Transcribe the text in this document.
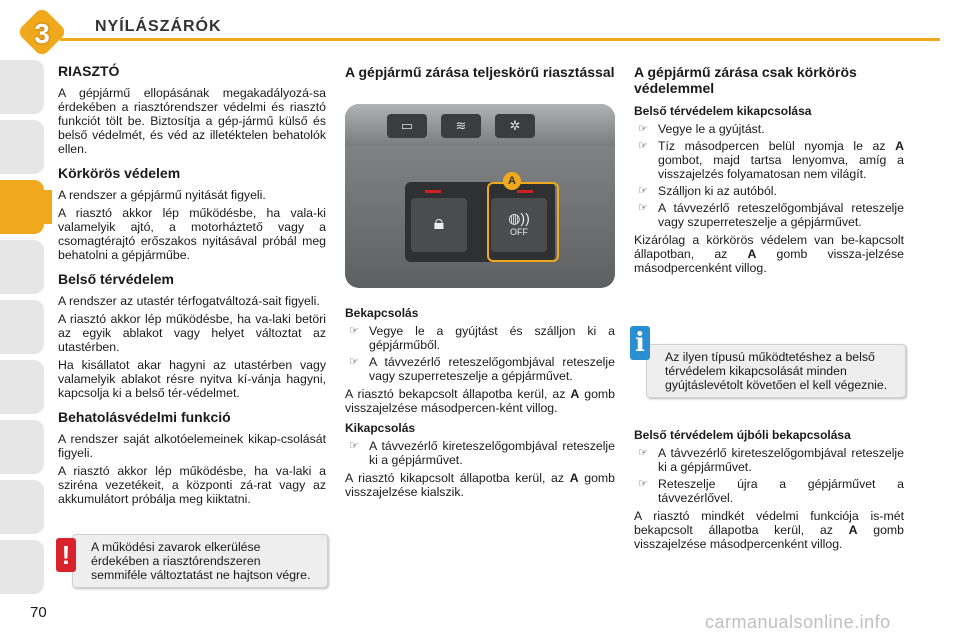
3	NYÍLÁSZÁRÓK
RIASZTÓ

A gépjármű ellopásának megakadályozá-sa érdekében a riasztórendszer védelmi és riasztó funkciót tölt be. Biztosítja a gép-jármű külső és belső védelmét, és véd az illetéktelen behatolók ellen.

Körkörös védelem

A rendszer a gépjármű nyitását figyeli.

A riasztó akkor lép működésbe, ha vala-ki valamelyik ajtó, a motorháztető vagy a csomagtérajtó erőszakos nyitásával próbál meg behatolni a gépjárműbe.

Belső térvédelem

A rendszer az utastér térfogatváltozá-sait figyeli.

A riasztó akkor lép működésbe, ha va-laki betöri az egyik ablakot vagy helyet változtat az utastérben.

Ha kisállatot akar hagyni az utastérben vagy valamelyik ablakot résre nyitva kí-vánja hagyni, kapcsolja ki a belső tér-védelmet.

Behatolásvédelmi funkció

A rendszer saját alkotóelemeinek kikap-csolását figyeli.

A riasztó akkor lép működésbe, ha va-laki a sziréna vezetékeit, a központi zá-rat vagy az akkumulátort próbálja meg kiiktatni.

A működési zavarok elkerülése érdekében a riasztórendszeren semmiféle változtatást ne hajtson végre.
!
A gépjármű zárása teljeskörű riasztással
▭	≋	✲
🔒︎	◍))
OFF
A
Bekapcsolás
☞ Vegye le a gyújtást és szálljon ki a gépjárműből.
☞ A távvezérlő reteszelőgombjával reteszelje vagy szuperreteszelje a gépjárművet.

A riasztó bekapcsolt állapotba kerül, az A gomb visszajelzése másodpercen-ként villog.

Kikapcsolás
☞ A távvezérlő kireteszelőgombjával reteszelje ki a gépjárművet.

A riasztó kikapcsolt állapotba kerül, az A gomb visszajelzése kialszik.

A gépjármű zárása csak körkörös védelemmel
Belső térvédelem kikapcsolása
☞ Vegye le a gyújtást.
☞ Tíz másodpercen belül nyomja le az A gombot, majd tartsa lenyomva, amíg a visszajelzés folyamatosan nem világít.
☞ Szálljon ki az autóból.
☞ A távvezérlő reteszelőgombjával reteszelje vagy szuperreteszelje a gépjárművet.

Kizárólag a körkörös védelem van be-kapcsolt állapotban, az A gomb vissza-jelzése másodpercenként villog.

Az ilyen típusú működtetéshez a belső térvédelem kikapcsolását minden gyújtáslevétolt követően el kell végeznie.
i
Belső térvédelem újbóli bekapcsolása
☞ A távvezérlő kireteszelőgombjával reteszelje ki a gépjárművet.
☞ Reteszelje újra a gépjárművet a távvezérlővel.

A riasztó mindkét védelmi funkciója is-mét bekapcsolt állapotba kerül, az A gomb visszajelzése másodpercenként villog.

70	carmanualsonline.info
